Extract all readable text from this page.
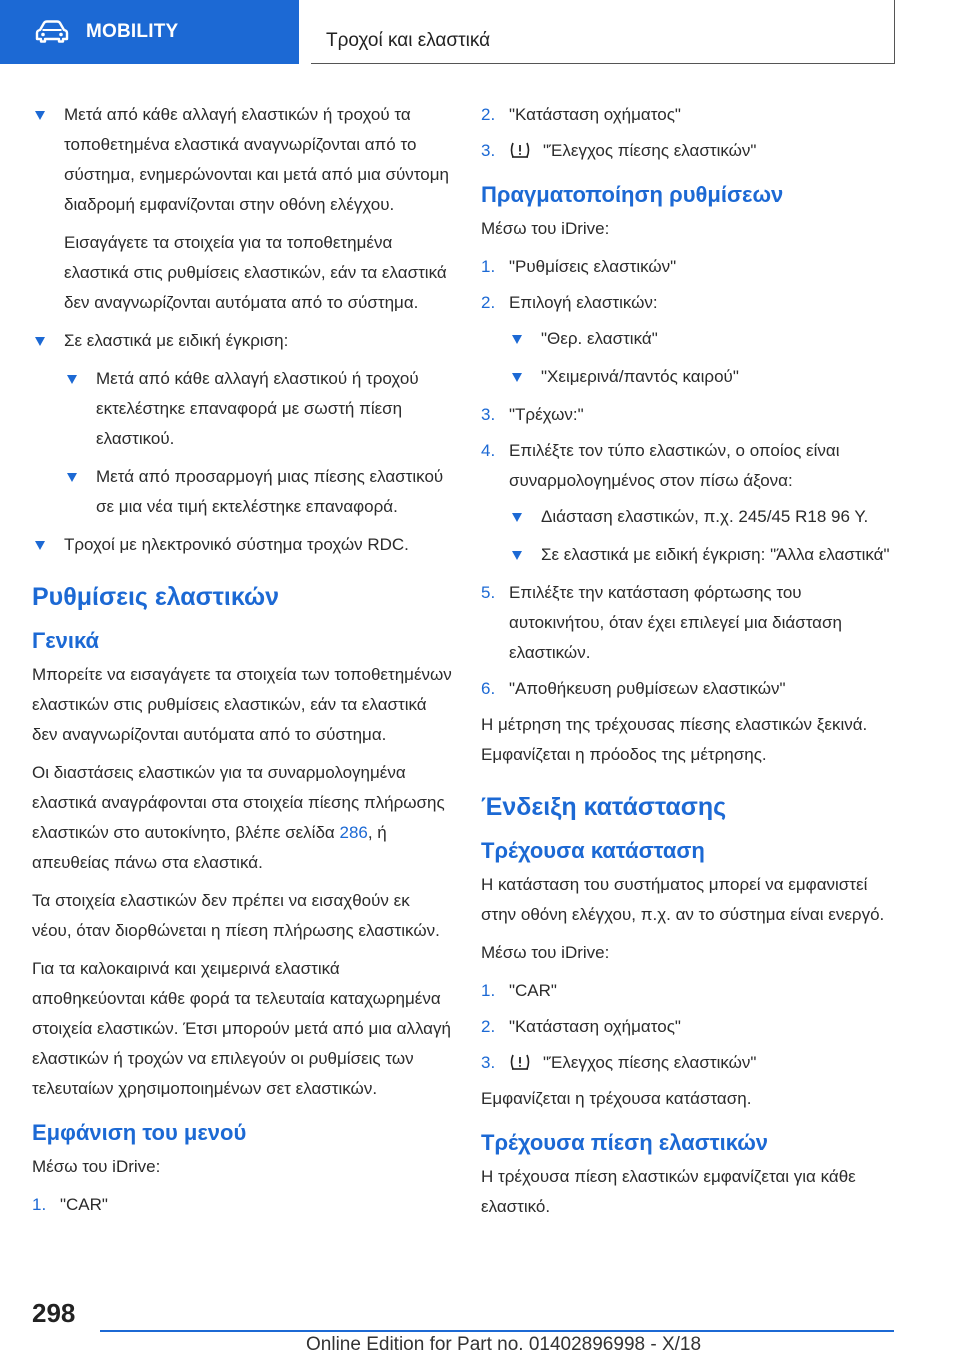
MOBILITY	Τροχοί και ελαστικά
Μετά από κάθε αλλαγή ελαστικών ή τροχού τα τοποθετημένα ελαστικά αναγνωρίζονται από το σύστημα, ενημερώνονται και μετά από μια σύντομη διαδρομή εμφανίζονται στην οθόνη ελέγχου.

Εισαγάγετε τα στοιχεία για τα τοποθετημένα ελαστικά στις ρυθμίσεις ελαστικών, εάν τα ελαστικά δεν αναγνωρίζονται αυτόματα από το σύστημα.

Σε ελαστικά με ειδική έγκριση:
Μετά από κάθε αλλαγή ελαστικού ή τροχού εκτελέστηκε επαναφορά με σωστή πίεση ελαστικού.
Μετά από προσαρμογή μιας πίεσης ελαστικού σε μια νέα τιμή εκτελέστηκε επαναφορά.
Τροχοί με ηλεκτρονικό σύστημα τροχών RDC.
Ρυθμίσεις ελαστικών
Γενικά

Μπορείτε να εισαγάγετε τα στοιχεία των τοποθετημένων ελαστικών στις ρυθμίσεις ελαστικών, εάν τα ελαστικά δεν αναγνωρίζονται αυτόματα από το σύστημα.

Οι διαστάσεις ελαστικών για τα συναρμολογημένα ελαστικά αναγράφονται στα στοιχεία πίεσης πλήρωσης ελαστικών στο αυτοκίνητο, βλέπε σελίδα 286, ή απευθείας πάνω στα ελαστικά.

Τα στοιχεία ελαστικών δεν πρέπει να εισαχθούν εκ νέου, όταν διορθώνεται η πίεση πλήρωσης ελαστικών.

Για τα καλοκαιρινά και χειμερινά ελαστικά αποθηκεύονται κάθε φορά τα τελευταία καταχωρημένα στοιχεία ελαστικών. Έτσι μπορούν μετά από μια αλλαγή ελαστικών ή τροχών να επιλεγούν οι ρυθμίσεις των τελευταίων χρησιμοποιημένων σετ ελαστικών.

Εμφάνιση του μενού

Μέσω του iDrive:

1. "CAR"
2. "Κατάσταση οχήματος"
3.	"Έλεγχος πίεσης ελαστικών"
Πραγματοποίηση ρυθμίσεων

Μέσω του iDrive:

1. "Ρυθμίσεις ελαστικών"
2. Επιλογή ελαστικών:
"Θερ. ελαστικά"
"Χειμερινά/παντός καιρού"
3. "Τρέχων:"
4. Επιλέξτε τον τύπο ελαστικών, ο οποίος είναι συναρμολογημένος στον πίσω άξονα:
Διάσταση ελαστικών, π.χ. 245/45 R18 96 Y.
Σε ελαστικά με ειδική έγκριση: "Άλλα ελαστικά"
5. Επιλέξτε την κατάσταση φόρτωσης του αυτοκινήτου, όταν έχει επιλεγεί μια διάσταση ελαστικών.
6. "Αποθήκευση ρυθμίσεων ελαστικών"

Η μέτρηση της τρέχουσας πίεσης ελαστικών ξεκινά. Εμφανίζεται η πρόοδος της μέτρησης.

Ένδειξη κατάστασης
Τρέχουσα κατάσταση

Η κατάσταση του συστήματος μπορεί να εμφανιστεί στην οθόνη ελέγχου, π.χ. αν το σύστημα είναι ενεργό.

Μέσω του iDrive:

1. "CAR"
2. "Κατάσταση οχήματος"
3.	"Έλεγχος πίεσης ελαστικών"

Εμφανίζεται η τρέχουσα κατάσταση.

Τρέχουσα πίεση ελαστικών

Η τρέχουσα πίεση ελαστικών εμφανίζεται για κάθε ελαστικό.

298
Online Edition for Part no. 01402896998 - X/18
